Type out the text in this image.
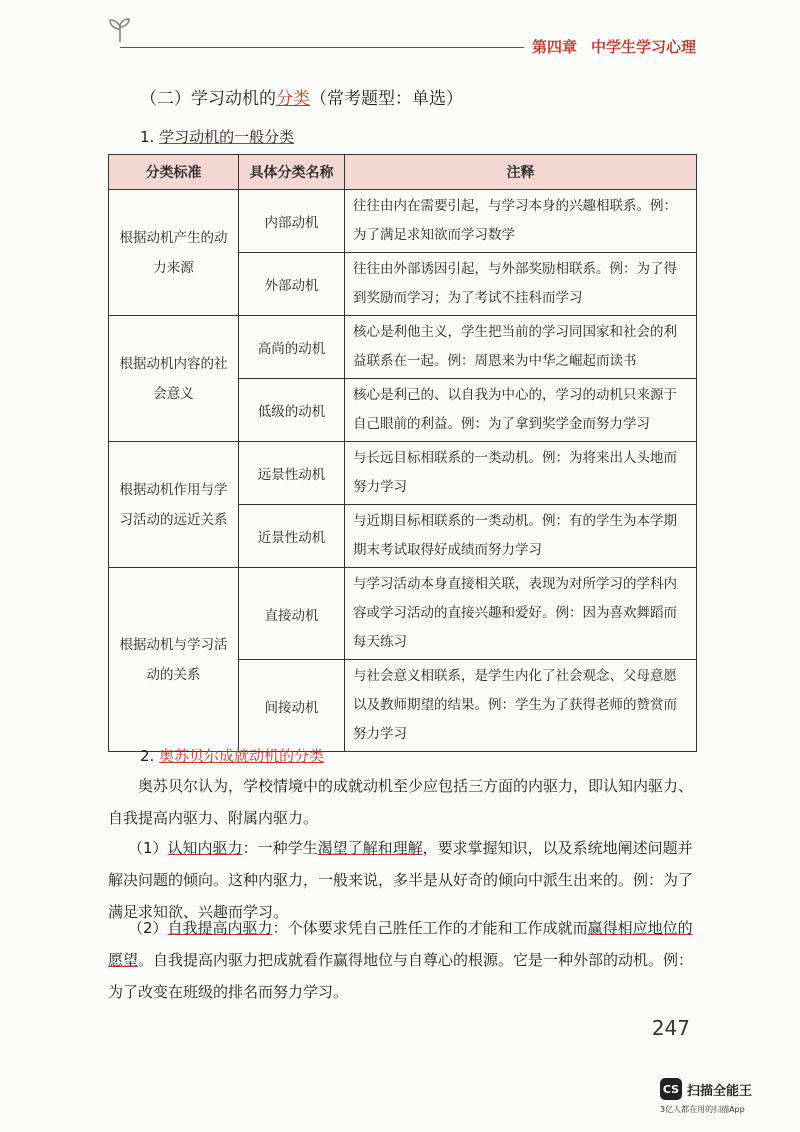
第四章 中学生学习心理
（二）学习动机的分类（常考题型：单选）
1. 学习动机的一般分类
分类标准	具体分类名称	注释
根据动机产生的动力来源	内部动机	往往由内在需要引起，与学习本身的兴趣相联系。例：为了满足求知欲而学习数学
	外部动机	往往由外部诱因引起，与外部奖励相联系。例：为了得到奖励而学习；为了考试不挂科而学习
根据动机内容的社会意义	高尚的动机	核心是利他主义，学生把当前的学习同国家和社会的利益联系在一起。例：周恩来为中华之崛起而读书
	低级的动机	核心是利己的、以自我为中心的，学习的动机只来源于自己眼前的利益。例：为了拿到奖学金而努力学习
根据动机作用与学习活动的远近关系	远景性动机	与长远目标相联系的一类动机。例：为将来出人头地而努力学习
	近景性动机	与近期目标相联系的一类动机。例：有的学生为本学期期末考试取得好成绩而努力学习
根据动机与学习活动的关系	直接动机	与学习活动本身直接相关联，表现为对所学习的学科内容或学习活动的直接兴趣和爱好。例：因为喜欢舞蹈而每天练习
	间接动机	与社会意义相联系，是学生内化了社会观念、父母意愿以及教师期望的结果。例：学生为了获得老师的赞赏而努力学习
2. 奥苏贝尔成就动机的分类
奥苏贝尔认为，学校情境中的成就动机至少应包括三方面的内驱力，即认知内驱力、自我提高内驱力、附属内驱力。
（1）认知内驱力：一种学生渴望了解和理解，要求掌握知识，以及系统地阐述问题并解决问题的倾向。这种内驱力，一般来说，多半是从好奇的倾向中派生出来的。例：为了满足求知欲、兴趣而学习。
（2）自我提高内驱力：个体要求凭自己胜任工作的才能和工作成就而赢得相应地位的愿望。自我提高内驱力把成就看作赢得地位与自尊心的根源。它是一种外部的动机。例：为了改变在班级的排名而努力学习。
247
CS 扫描全能王
3亿人都在用的扫描App
